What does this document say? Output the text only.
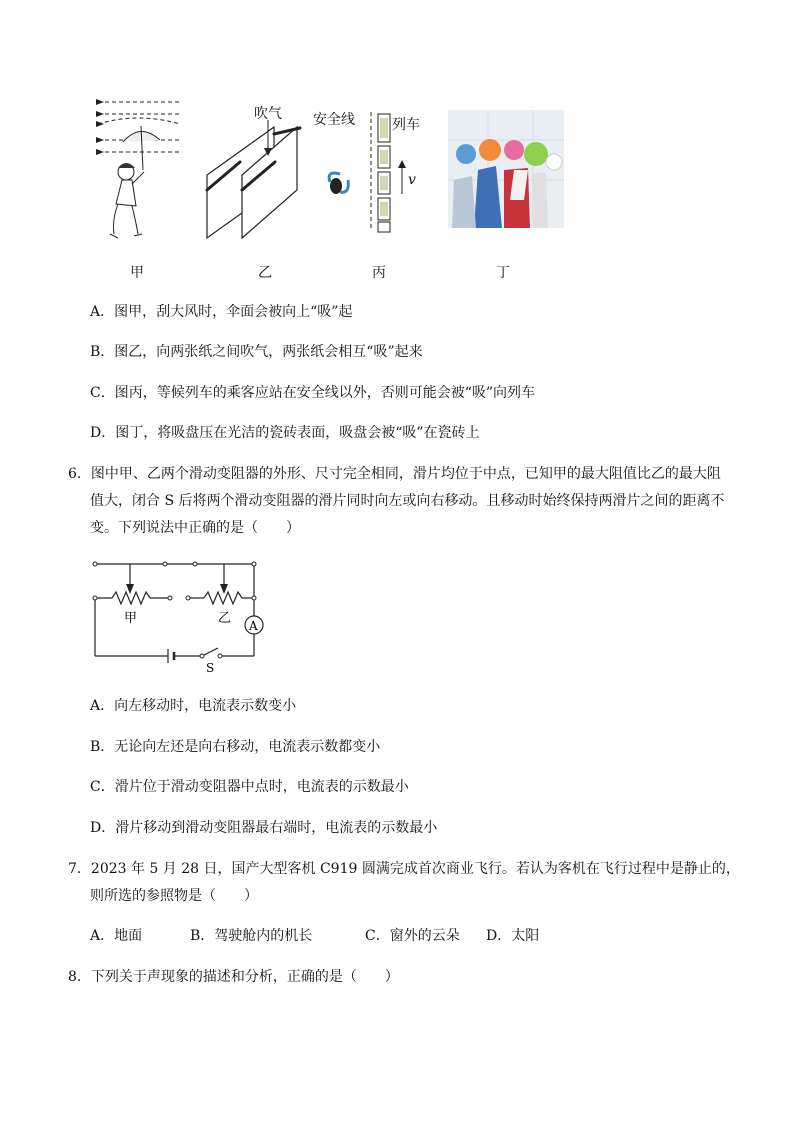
吹气 安全线	列车
v
甲	乙	丙	丁
A．图甲，刮大风时，伞面会被向上“吸”起
B．图乙，向两张纸之间吹气，两张纸会相互“吸”起来
C．图丙，等候列车的乘客应站在安全线以外，否则可能会被“吸”向列车
D．图丁，将吸盘压在光洁的瓷砖表面，吸盘会被“吸”在瓷砖上
6．图中甲、乙两个滑动变阻器的外形、尺寸完全相同，滑片均位于中点，已知甲的最大阻值比乙的最大阻
值大，闭合 S 后将两个滑动变阻器的滑片同时向左或向右移动。且移动时始终保持两滑片之间的距离不
变。下列说法中正确的是（　　）
甲	乙 A
S
A．向左移动时，电流表示数变小
B．无论向左还是向右移动，电流表示数都变小
C．滑片位于滑动变阻器中点时，电流表的示数最小
D．滑片移动到滑动变阻器最右端时，电流表的示数最小
7．2023 年 5 月 28 日，国产大型客机 C919 圆满完成首次商业飞行。若认为客机在飞行过程中是静止的，
则所选的参照物是（　　）
A．地面	B．驾驶舱内的机长	C．窗外的云朵 D．太阳
8．下列关于声现象的描述和分析，正确的是（　　）
